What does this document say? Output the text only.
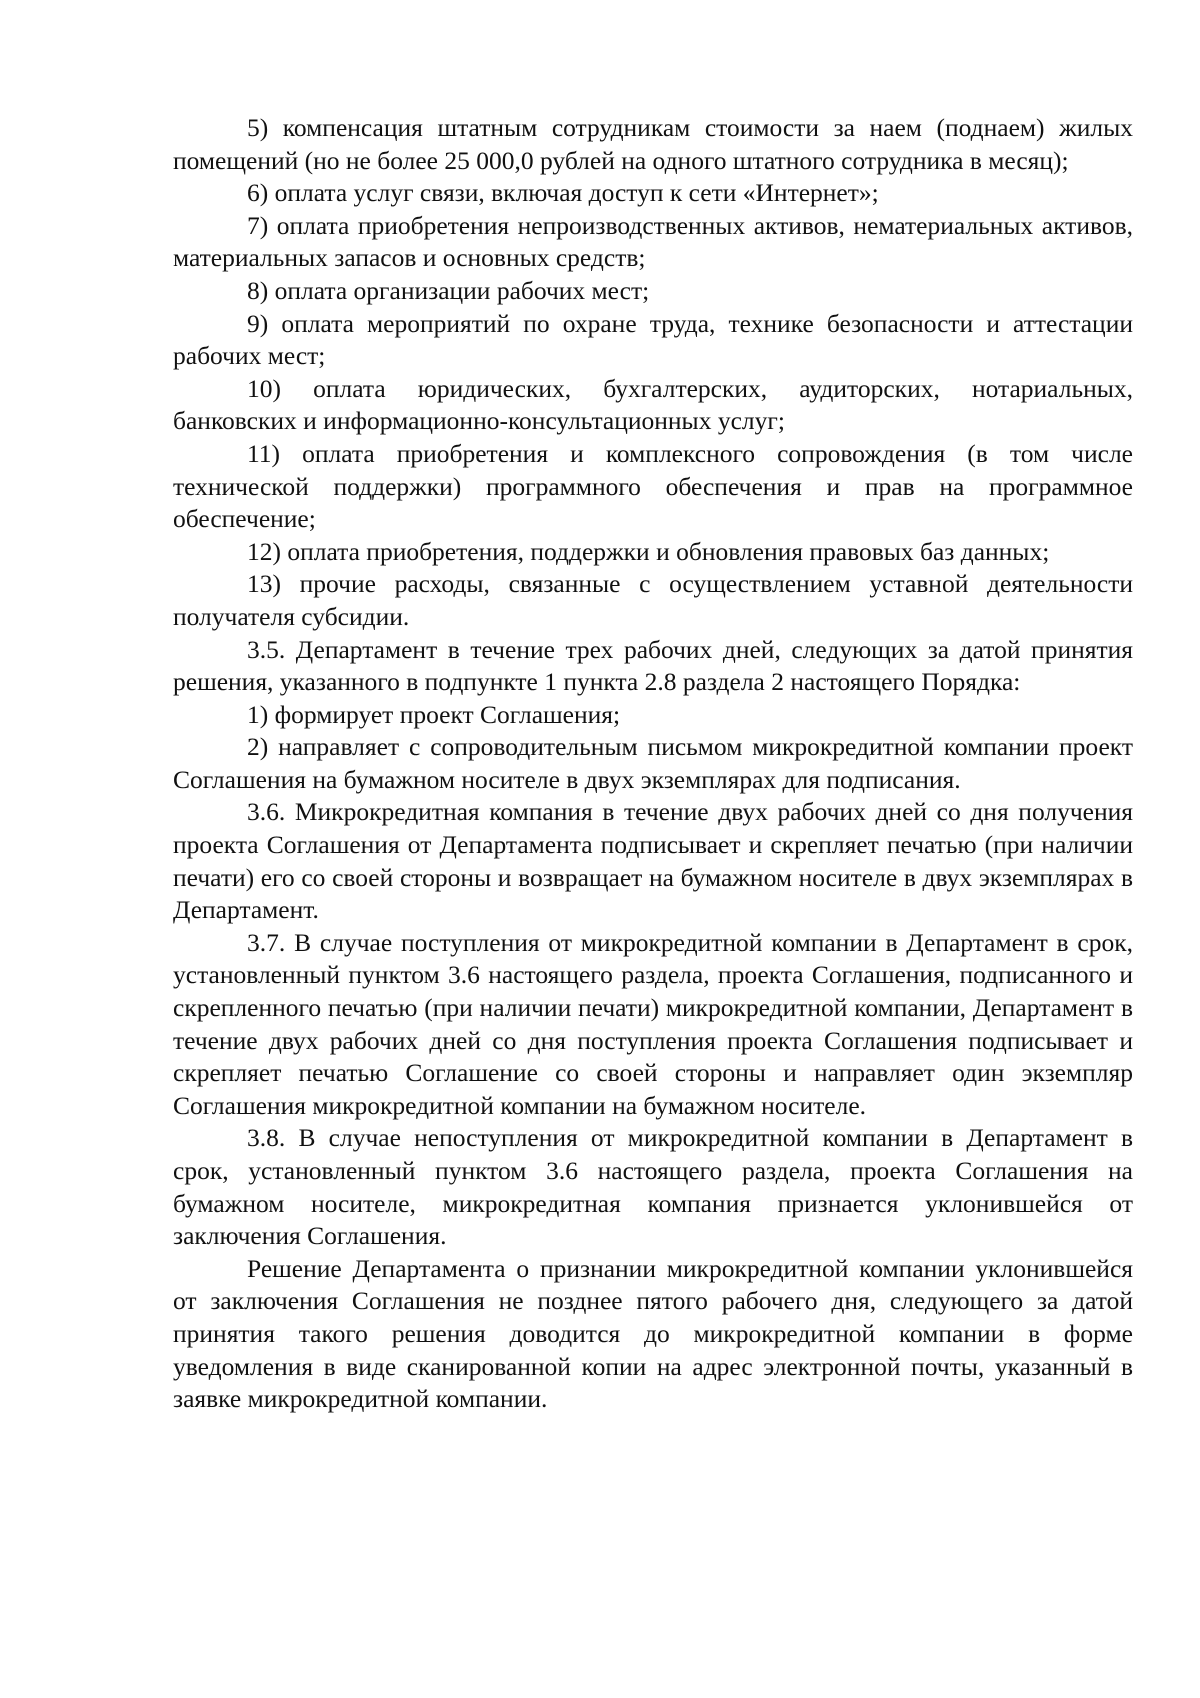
5) компенсация штатным сотрудникам стоимости за наем (поднаем) жилых помещений (но не более 25 000,0 рублей на одного штатного сотрудника в месяц);

6) оплата услуг связи, включая доступ к сети «Интернет»;

7) оплата приобретения непроизводственных активов, нематериальных активов, материальных запасов и основных средств;

8) оплата организации рабочих мест;

9) оплата мероприятий по охране труда, технике безопасности и аттестации рабочих мест;

10) оплата юридических, бухгалтерских, аудиторских, нотариальных, банковских и информационно-консультационных услуг;

11) оплата приобретения и комплексного сопровождения (в том числе технической поддержки) программного обеспечения и прав на программное обеспечение;

12) оплата приобретения, поддержки и обновления правовых баз данных;

13) прочие расходы, связанные с осуществлением уставной деятельности получателя субсидии.

3.5. Департамент в течение трех рабочих дней, следующих за датой принятия решения, указанного в подпункте 1 пункта 2.8 раздела 2 настоящего Порядка:

1) формирует проект Соглашения;

2) направляет с сопроводительным письмом микрокредитной компании проект Соглашения на бумажном носителе в двух экземплярах для подписания.

3.6. Микрокредитная компания в течение двух рабочих дней со дня получения проекта Соглашения от Департамента подписывает и скрепляет печатью (при наличии печати) его со своей стороны и возвращает на бумажном носителе в двух экземплярах в Департамент.

3.7. В случае поступления от микрокредитной компании в Департамент в срок, установленный пунктом 3.6 настоящего раздела, проекта Соглашения, подписанного и скрепленного печатью (при наличии печати) микрокредитной компании, Департамент в течение двух рабочих дней со дня поступления проекта Соглашения подписывает и скрепляет печатью Соглашение со своей стороны и направляет один экземпляр Соглашения микрокредитной компании на бумажном носителе.

3.8. В случае непоступления от микрокредитной компании в Департамент в срок, установленный пунктом 3.6 настоящего раздела, проекта Соглашения на бумажном носителе, микрокредитная компания признается уклонившейся от заключения Соглашения.

Решение Департамента о признании микрокредитной компании уклонившейся от заключения Соглашения не позднее пятого рабочего дня, следующего за датой принятия такого решения доводится до микрокредитной компании в форме уведомления в виде сканированной копии на адрес электронной почты, указанный в заявке микрокредитной компании.
